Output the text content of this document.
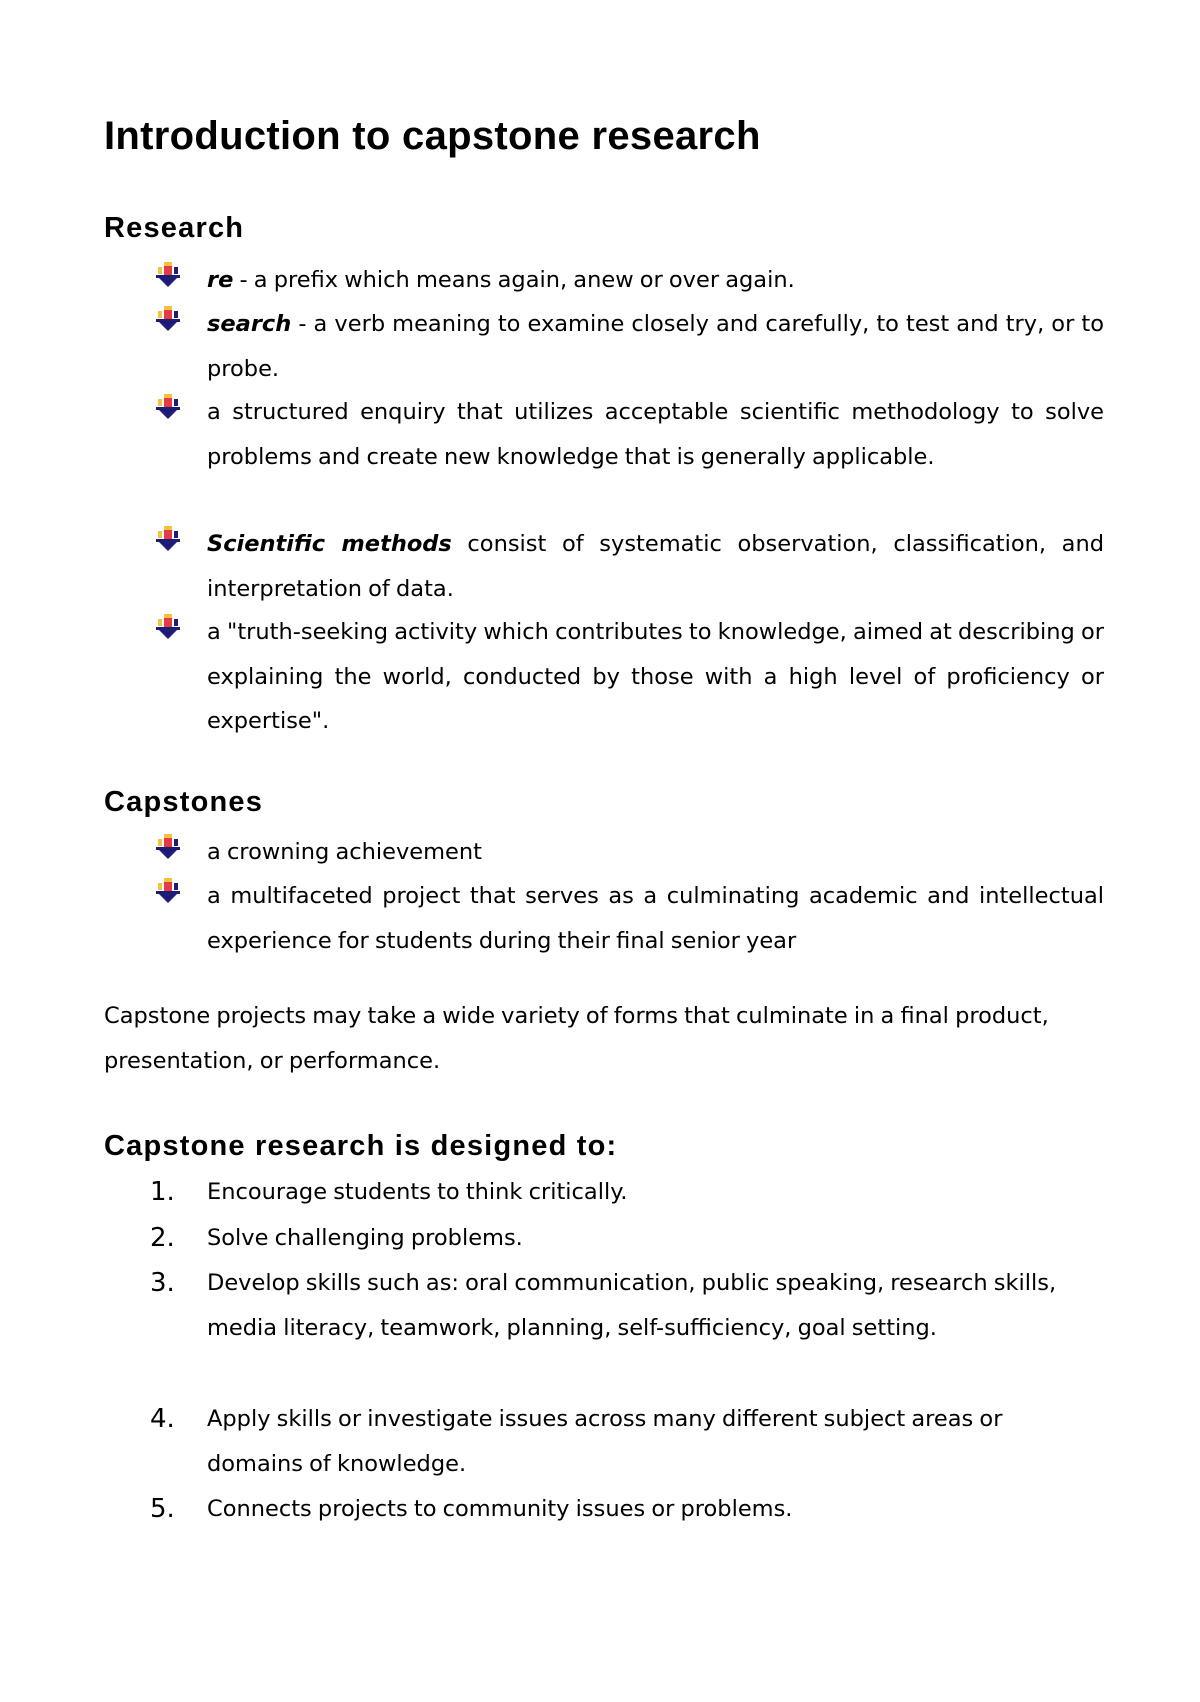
Introduction to capstone research
Research
re - a prefix which means again, anew or over again.
search - a verb meaning to examine closely and carefully, to test and try, or to probe.
a structured enquiry that utilizes acceptable scientific methodology to solve problems and create new knowledge that is generally applicable.
Scientific methods consist of systematic observation, classification, and interpretation of data.
a "truth-seeking activity which contributes to knowledge, aimed at describing or explaining the world, conducted by those with a high level of proficiency or expertise".
Capstones
a crowning achievement
a multifaceted project that serves as a culminating academic and intellectual experience for students during their final senior year
Capstone projects may take a wide variety of forms that culminate in a final product, presentation, or performance.
Capstone research is designed to:
1.	Encourage students to think critically.
2.	Solve challenging problems.
3.	Develop skills such as: oral communication, public speaking, research skills, media literacy, teamwork, planning, self-sufficiency, goal setting.
4.	Apply skills or investigate issues across many different subject areas or domains of knowledge.
5.	Connects projects to community issues or problems.
